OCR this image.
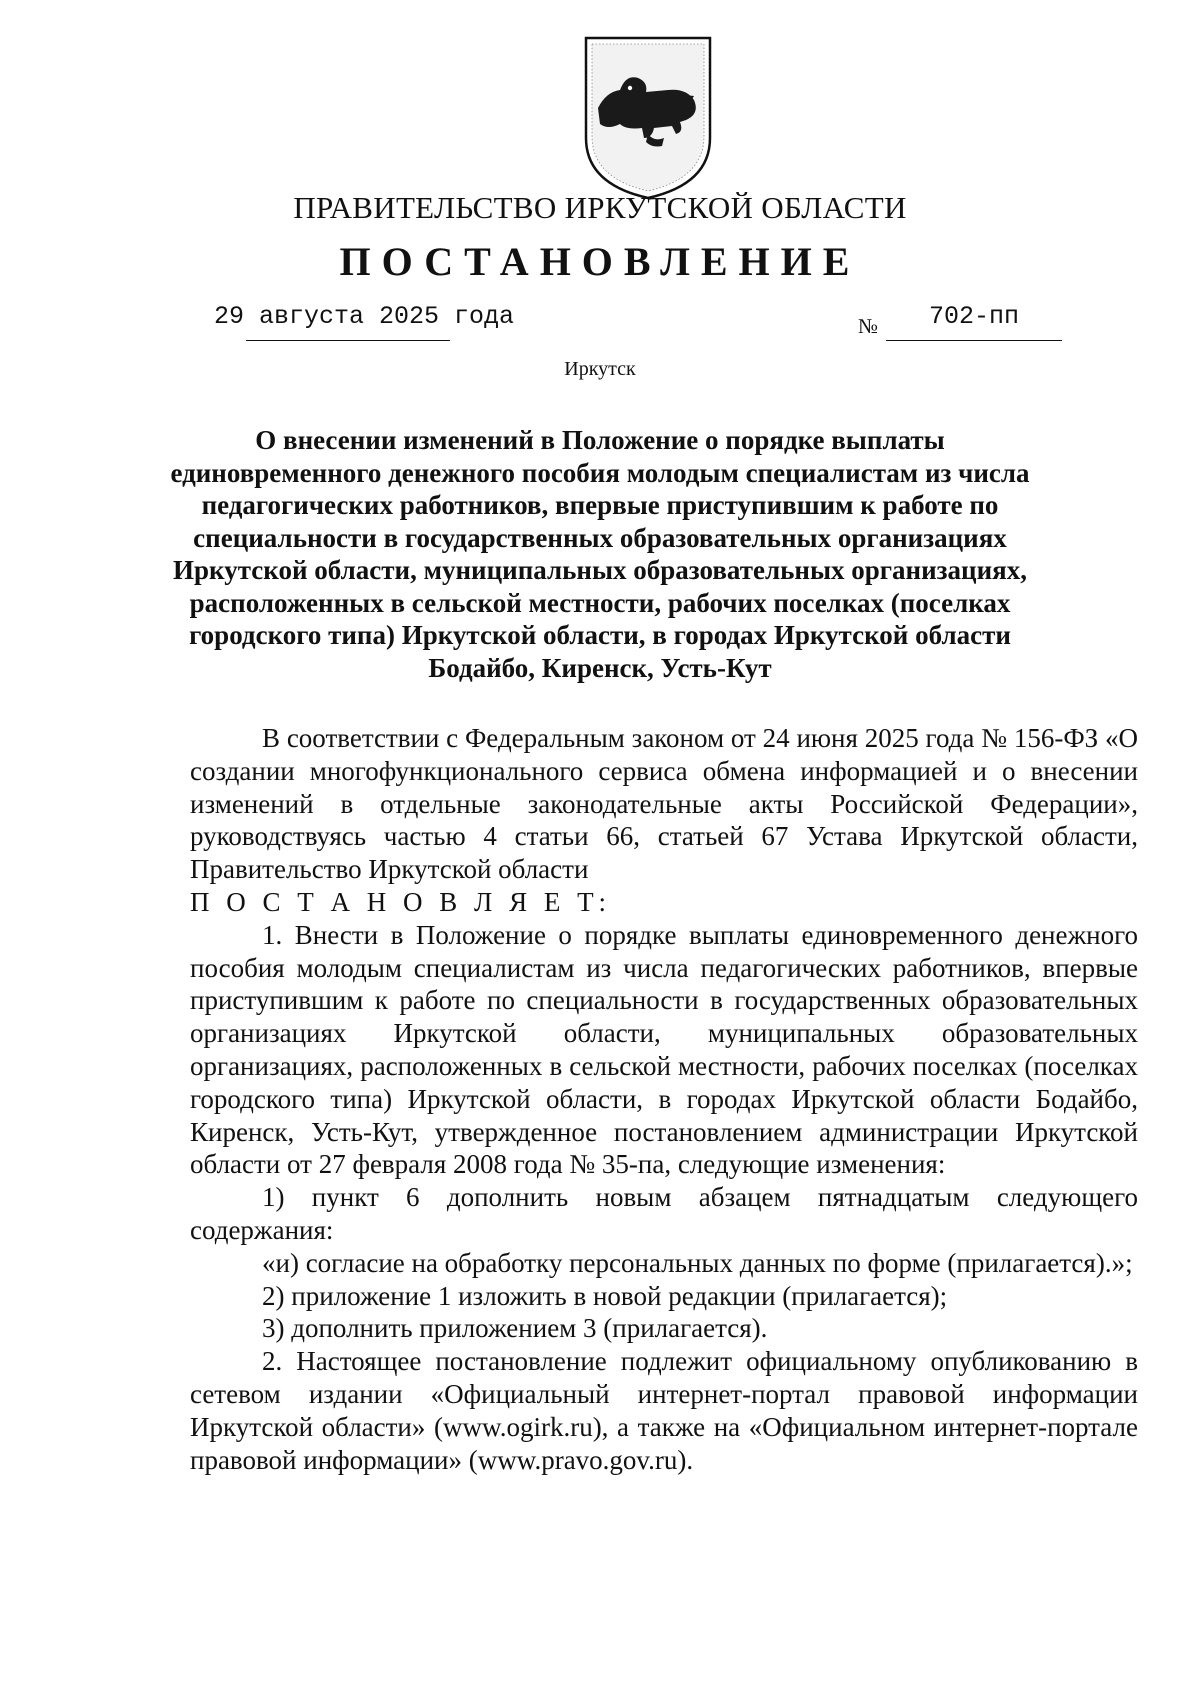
ПРАВИТЕЛЬСТВО ИРКУТСКОЙ ОБЛАСТИ
ПОСТАНОВЛЕНИЕ
29 августа 2025 года	№ 702-пп
Иркутск
О внесении изменений в Положение о порядке выплаты
единовременного денежного пособия молодым специалистам из числа
педагогических работников, впервые приступившим к работе по
специальности в государственных образовательных организациях
Иркутской области, муниципальных образовательных организациях,
расположенных в сельской местности, рабочих поселках (поселках
городского типа) Иркутской области, в городах Иркутской области
Бодайбо, Киренск, Усть-Кут

В соответствии с Федеральным законом от 24 июня 2025 года № 156-ФЗ «О создании многофункционального сервиса обмена информацией и о внесении изменений в отдельные законодательные акты Российской Федерации», руководствуясь частью 4 статьи 66, статьей 67 Устава Иркутской области, Правительство Иркутской области

П О С Т А Н О В Л Я Е Т:

1. Внести в Положение о порядке выплаты единовременного денежного пособия молодым специалистам из числа педагогических работников, впервые приступившим к работе по специальности в государственных образовательных организациях Иркутской области, муниципальных образовательных организациях, расположенных в сельской местности, рабочих поселках (поселках городского типа) Иркутской области, в городах Иркутской области Бодайбо, Киренск, Усть-Кут, утвержденное постановлением администрации Иркутской области от 27 февраля 2008 года № 35-па, следующие изменения:

1) пункт 6 дополнить новым абзацем пятнадцатым следующего содержания:

«и) согласие на обработку персональных данных по форме (прилагается).»;

2) приложение 1 изложить в новой редакции (прилагается);

3) дополнить приложением 3 (прилагается).

2. Настоящее постановление подлежит официальному опубликованию в сетевом издании «Официальный интернет-портал правовой информации Иркутской области» (www.ogirk.ru), а также на «Официальном интернет-портале правовой информации» (www.pravo.gov.ru).
